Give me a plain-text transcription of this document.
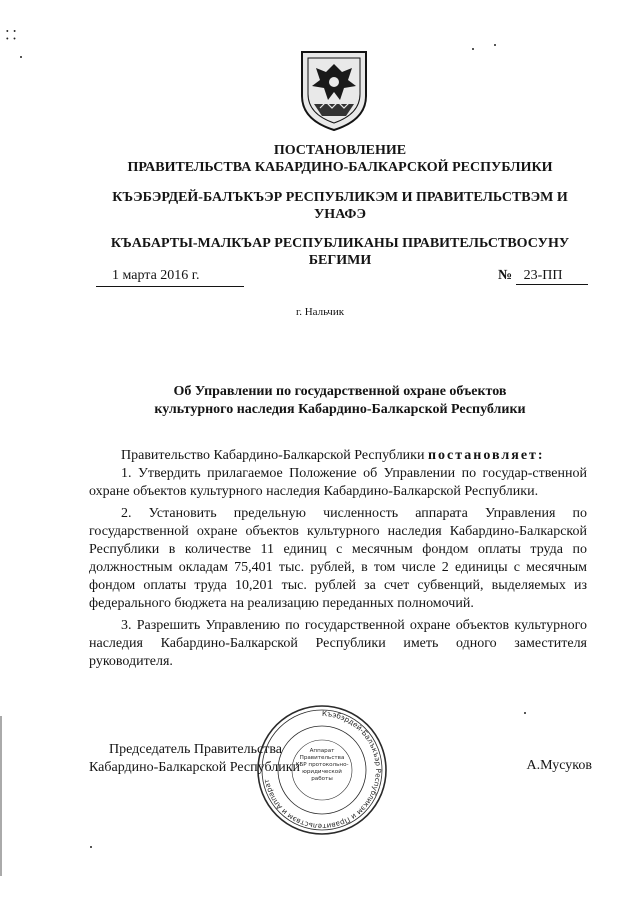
⸬
ПОСТАНОВЛЕНИЕ
ПРАВИТЕЛЬСТВА КАБАРДИНО-БАЛКАРСКОЙ РЕСПУБЛИКИ
КЪЭБЭРДЕЙ-БАЛЪКЪЭР РЕСПУБЛИКЭМ И ПРАВИТЕЛЬСТВЭМ И
УНАФЭ
КЪАБАРТЫ-МАЛКЪАР РЕСПУБЛИКАНЫ ПРАВИТЕЛЬСТВОСУНУ
БЕГИМИ
1 марта 2016 г.	№ 23-ПП
г. Нальчик
Об Управлении по государственной охране объектов
культурного наследия Кабардино-Балкарской Республики

Правительство Кабардино-Балкарской Республики постановляет:

1. Утвердить прилагаемое Положение об Управлении по государ-ственной охране объектов культурного наследия Кабардино-Балкарской Республики.

2. Установить предельную численность аппарата Управления по государственной охране объектов культурного наследия Кабардино-Балкарской Республики в количестве 11 единиц с месячным фондом оплаты труда по должностным окладам 75,401 тыс. рублей, в том числе 2 единицы с месячным фондом оплаты труда 10,201 тыс. рублей за счет субвенций, выделяемых из федерального бюджета на реализацию переданных полномочий.

3. Разрешить Управлению по государственной охране объектов культурного наследия Кабардино-Балкарской Республики иметь одного заместителя руководителя.

Къэбэрдей-Балъкъэр Республикэм и Правительствэм и Аппарат
Аппарат Правительства КБР протокольно-юридической работы
Председатель Правительства
Кабардино-Балкарской Республики	А.Мусуков
